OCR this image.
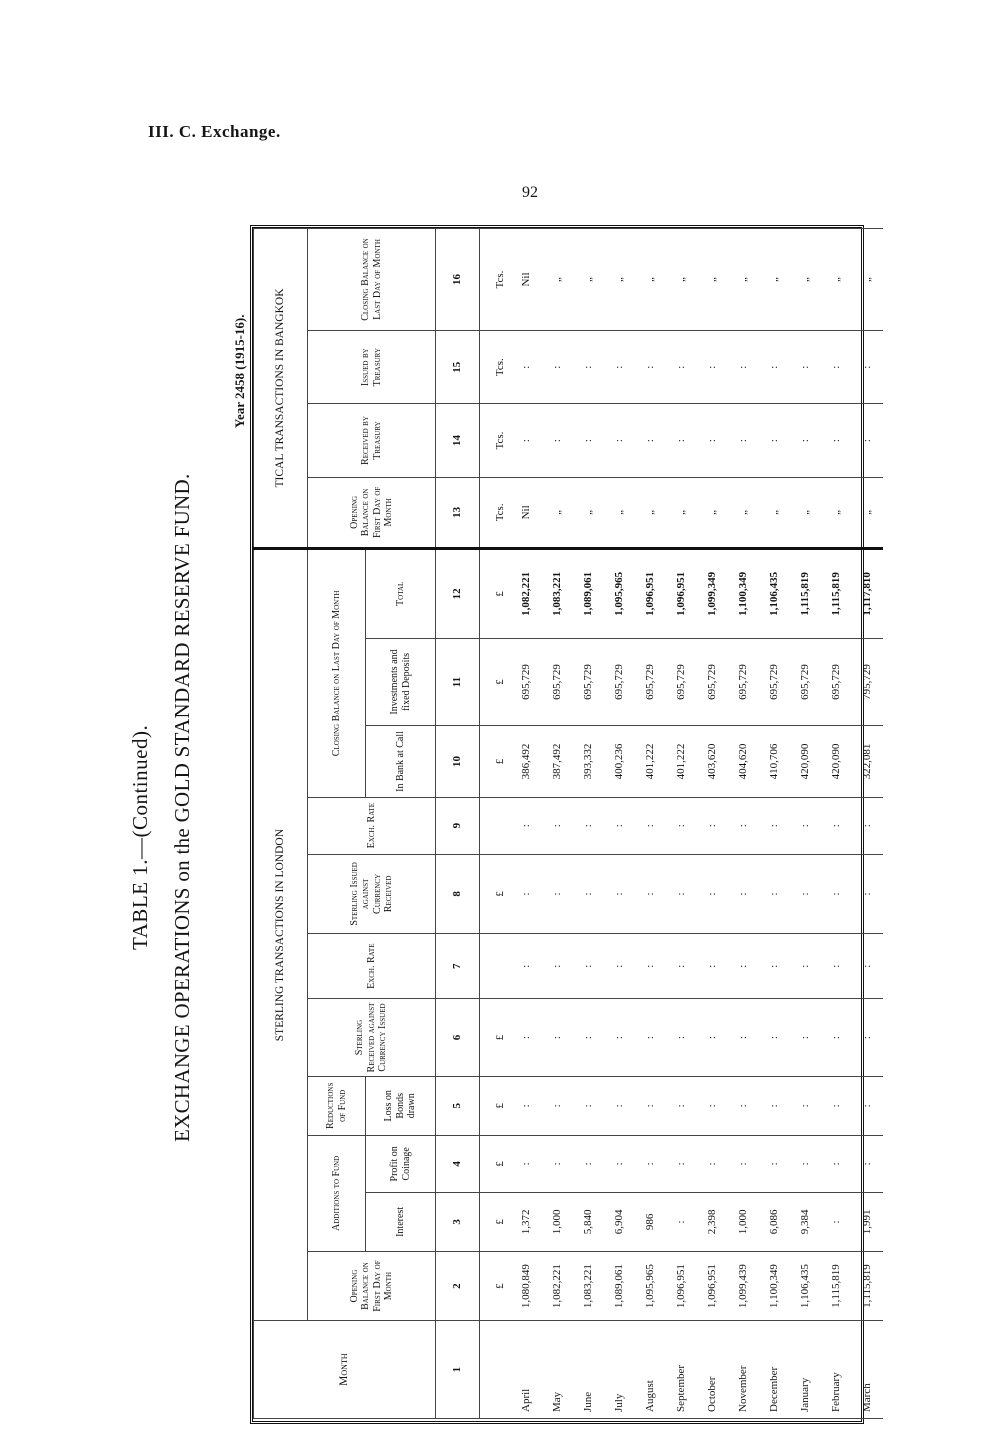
III. C. Exchange.
92
TABLE 1.—(Continued). EXCHANGE OPERATIONS on the GOLD STANDARD RESERVE FUND.
Year 2458 (1915-16).
Month	STERLING TRANSACTIONS IN LONDON											TICAL TRANSACTIONS IN BANGKOK			
	Opening Balance on First Day of Month	Additions to Fund		Reductions of Fund	Sterling Received against Currency Issued	Exch. Rate	Sterling Issued against Currency Received	Exch. Rate	Closing Balance on Last Day of Month			Opening Balance on First Day of Month	Received by Treasury	Issued by Treasury	Closing Balance on Last Day of Month
		Interest	Profit on Coinage	Loss on Bonds drawn					In Bank at Call	Investments and fixed Deposits	Total				
1	2	3	4	5	6	7	8	9	10	11	12	13	14	15	16
	£	£	£	£	£		£		£	£	£	Tcs.	Tcs.	Tcs.	Tcs.
April	1,080,849	1,372	:	:	:	:	:	:	386,492	695,729	1,082,221	Nil	:	:	Nil
May	1,082,221	1,000	:	:	:	:	:	:	387,492	695,729	1,083,221	„	:	:	„
June	1,083,221	5,840	:	:	:	:	:	:	393,332	695,729	1,089,061	„	:	:	„
July	1,089,061	6,904	:	:	:	:	:	:	400,236	695,729	1,095,965	„	:	:	„
August	1,095,965	986	:	:	:	:	:	:	401,222	695,729	1,096,951	„	:	:	„
September	1,096,951	:	:	:	:	:	:	:	401,222	695,729	1,096,951	„	:	:	„
October	1,096,951	2,398	:	:	:	:	:	:	403,620	695,729	1,099,349	„	:	:	„
November	1,099,439	1,000	:	:	:	:	:	:	404,620	695,729	1,100,349	„	:	:	„
December	1,100,349	6,086	:	:	:	:	:	:	410,706	695,729	1,106,435	„	:	:	„
January	1,106,435	9,384	:	:	:	:	:	:	420,090	695,729	1,115,819	„	:	:	„
February	1,115,819	:	:	:	:	:	:	:	420,090	695,729	1,115,819	„	:	:	„
March	1,115,819	1,991	:	:	:	:	:	:	322,081	795,729	1,117,810	„	:	:	„
